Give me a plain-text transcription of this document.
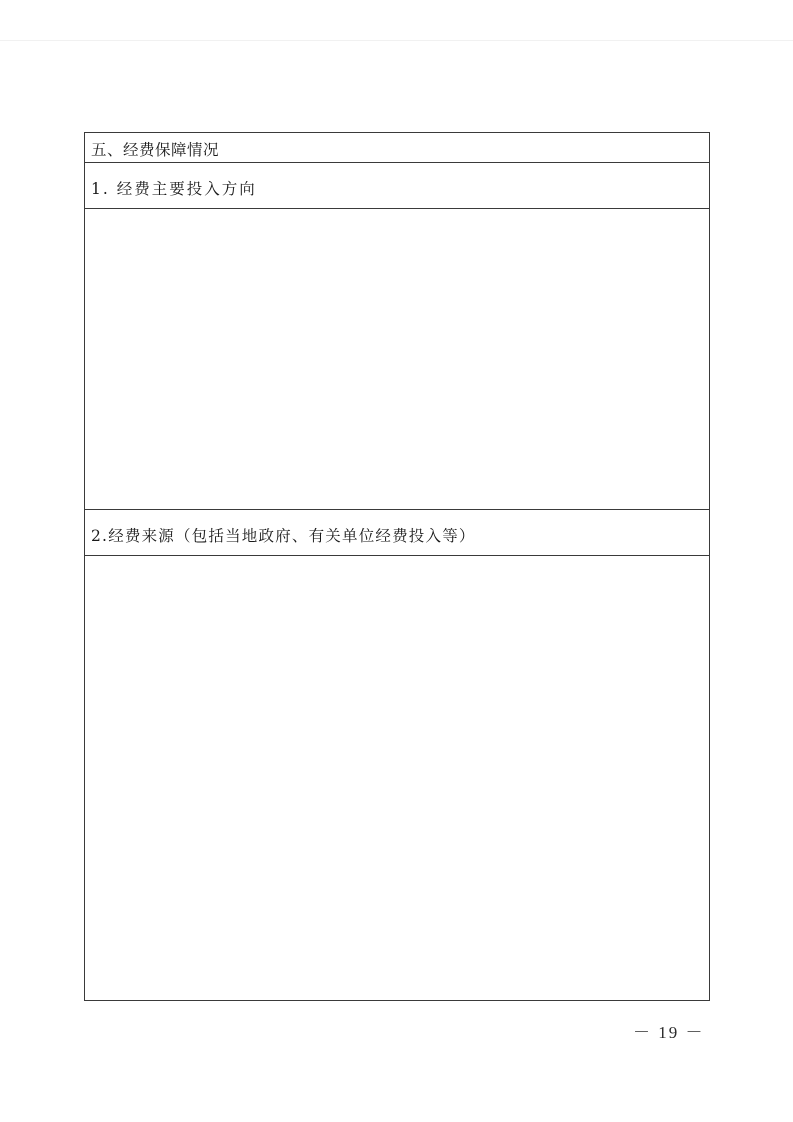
五、经费保障情况
1. 经费主要投入方向
2.经费来源（包括当地政府、有关单位经费投入等）
－ 19 －
